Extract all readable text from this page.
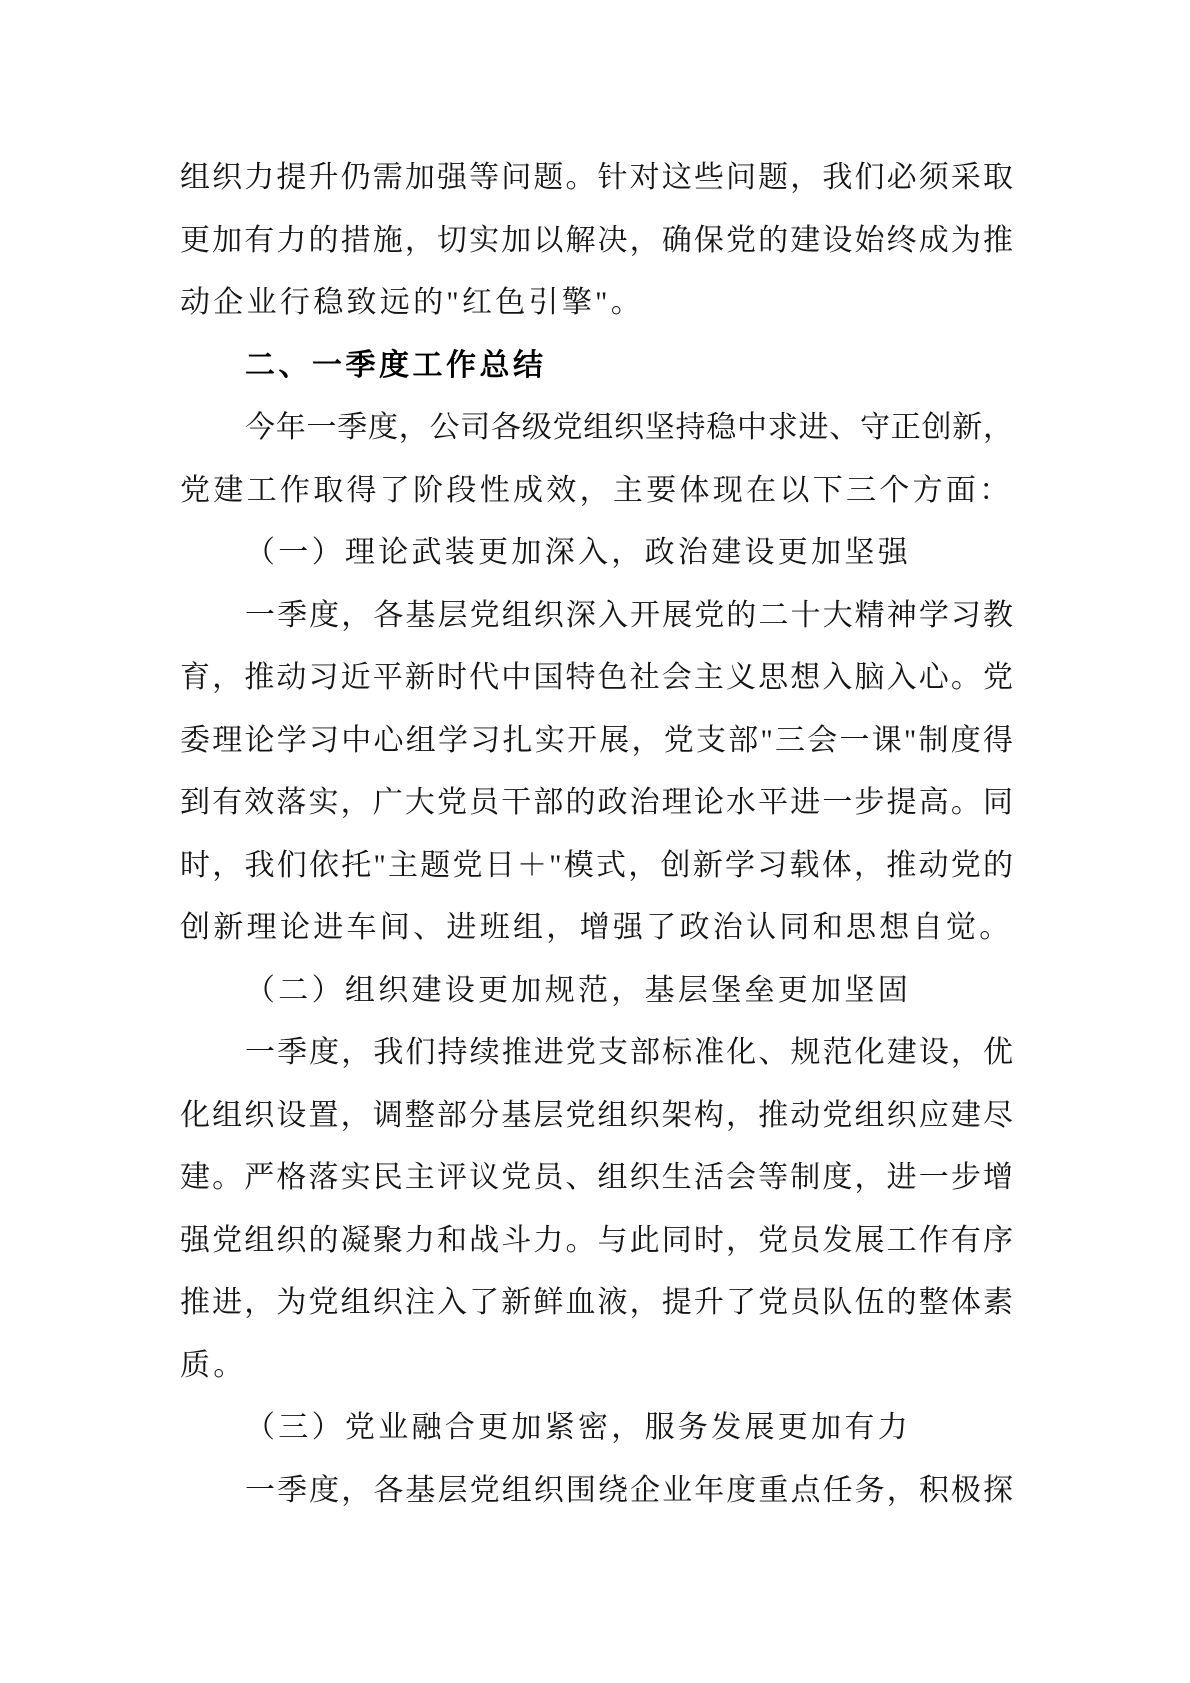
组织力提升仍需加强等问题。针对这些问题，我们必须采取
更加有力的措施，切实加以解决，确保党的建设始终成为推
动企业行稳致远的"红色引擎"。
二、一季度工作总结
今年一季度，公司各级党组织坚持稳中求进、守正创新，
党建工作取得了阶段性成效，主要体现在以下三个方面：
（一）理论武装更加深入，政治建设更加坚强
一季度，各基层党组织深入开展党的二十大精神学习教
育，推动习近平新时代中国特色社会主义思想入脑入心。党
委理论学习中心组学习扎实开展，党支部"三会一课"制度得
到有效落实，广大党员干部的政治理论水平进一步提高。同
时，我们依托"主题党日＋"模式，创新学习载体，推动党的
创新理论进车间、进班组，增强了政治认同和思想自觉。
（二）组织建设更加规范，基层堡垒更加坚固
一季度，我们持续推进党支部标准化、规范化建设，优
化组织设置，调整部分基层党组织架构，推动党组织应建尽
建。严格落实民主评议党员、组织生活会等制度，进一步增
强党组织的凝聚力和战斗力。与此同时，党员发展工作有序
推进，为党组织注入了新鲜血液，提升了党员队伍的整体素
质。
（三）党业融合更加紧密，服务发展更加有力
一季度，各基层党组织围绕企业年度重点任务，积极探
